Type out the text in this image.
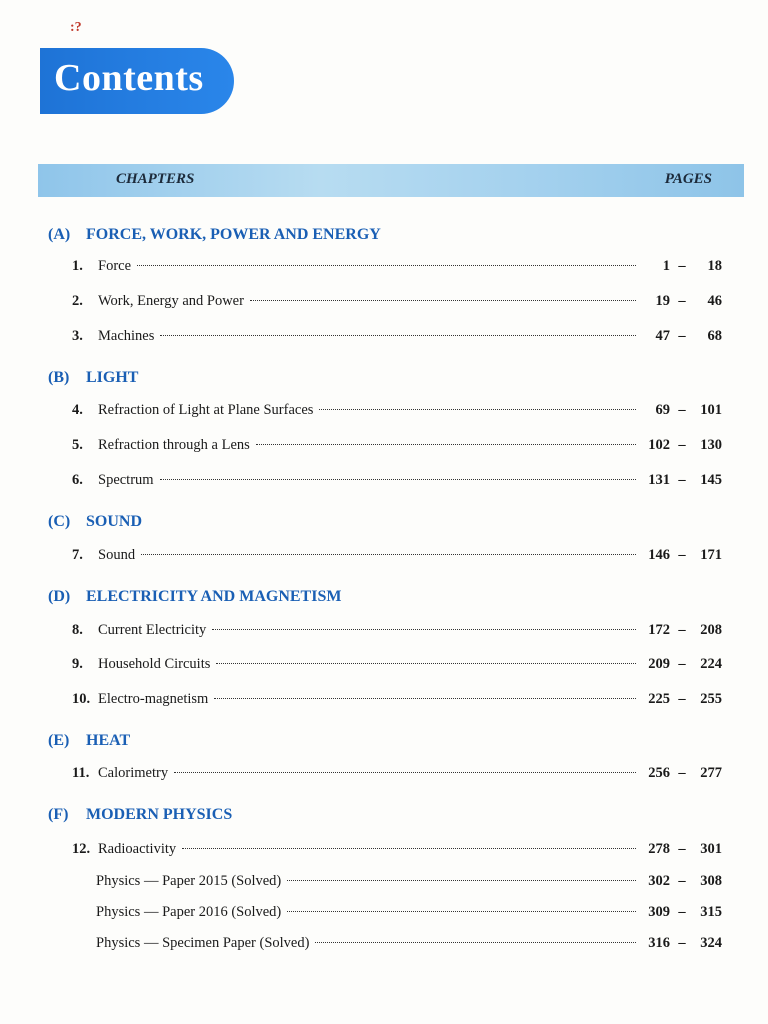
:?
Contents
CHAPTERS	PAGES
(A) FORCE, WORK, POWER AND ENERGY
1.	Force	1 –	18
2.	Work, Energy and Power	19 –	46
3.	Machines	47 –	68
(B) LIGHT
4.	Refraction of Light at Plane Surfaces	69 –	101
5.	Refraction through a Lens	102 –	130
6.	Spectrum	131 –	145
(C) SOUND
7.	Sound	146 –	171
(D) ELECTRICITY AND MAGNETISM
8.	Current Electricity	172 –	208
9.	Household Circuits	209 –	224
10. Electro-magnetism	225 –	255
(E) HEAT
11. Calorimetry	256 –	277
(F) MODERN PHYSICS
12. Radioactivity	278 –	301
Physics — Paper 2015 (Solved)	302 –	308
Physics — Paper 2016 (Solved)	309 –	315
Physics — Specimen Paper (Solved)	316 –	324
